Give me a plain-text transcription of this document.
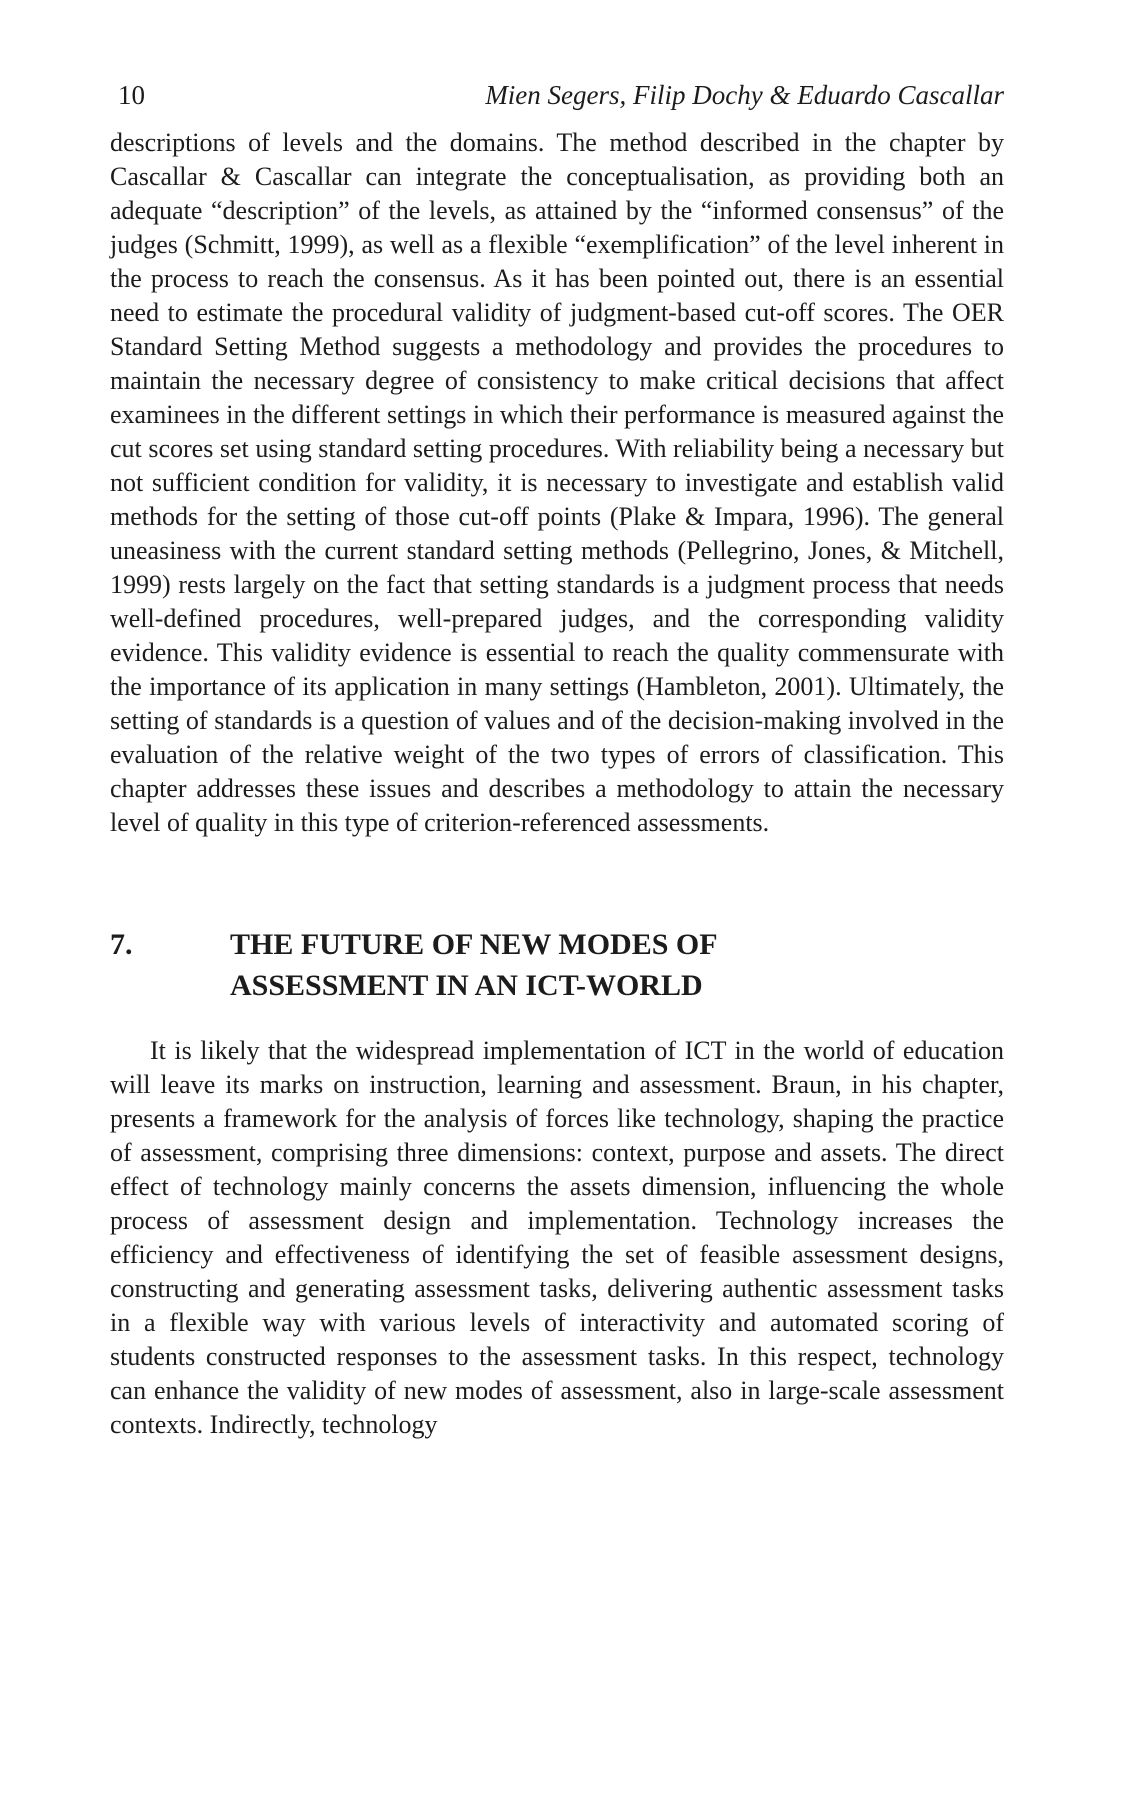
10	Mien Segers, Filip Dochy & Eduardo Cascallar

descriptions of levels and the domains. The method described in the chapter by Cascallar & Cascallar can integrate the conceptualisation, as providing both an adequate “description” of the levels, as attained by the “informed consensus” of the judges (Schmitt, 1999), as well as a flexible “exemplification” of the level inherent in the process to reach the consensus. As it has been pointed out, there is an essential need to estimate the procedural validity of judgment-based cut-off scores. The OER Standard Setting Method suggests a methodology and provides the procedures to maintain the necessary degree of consistency to make critical decisions that affect examinees in the different settings in which their performance is measured against the cut scores set using standard setting procedures. With reliability being a necessary but not sufficient condition for validity, it is necessary to investigate and establish valid methods for the setting of those cut-off points (Plake & Impara, 1996). The general uneasiness with the current standard setting methods (Pellegrino, Jones, & Mitchell, 1999) rests largely on the fact that setting standards is a judgment process that needs well-defined procedures, well-prepared judges, and the corresponding validity evidence. This validity evidence is essential to reach the quality commensurate with the importance of its application in many settings (Hambleton, 2001). Ultimately, the setting of standards is a question of values and of the decision-making involved in the evaluation of the relative weight of the two types of errors of classification. This chapter addresses these issues and describes a methodology to attain the necessary level of quality in this type of criterion-referenced assessments.

7.	THE FUTURE OF NEW MODES OF
ASSESSMENT IN AN ICT-WORLD

It is likely that the widespread implementation of ICT in the world of education will leave its marks on instruction, learning and assessment. Braun, in his chapter, presents a framework for the analysis of forces like technology, shaping the practice of assessment, comprising three dimensions: context, purpose and assets. The direct effect of technology mainly concerns the assets dimension, influencing the whole process of assessment design and implementation. Technology increases the efficiency and effectiveness of identifying the set of feasible assessment designs, constructing and generating assessment tasks, delivering authentic assessment tasks in a flexible way with various levels of interactivity and automated scoring of students constructed responses to the assessment tasks. In this respect, technology can enhance the validity of new modes of assessment, also in large-scale assessment contexts. Indirectly, technology
